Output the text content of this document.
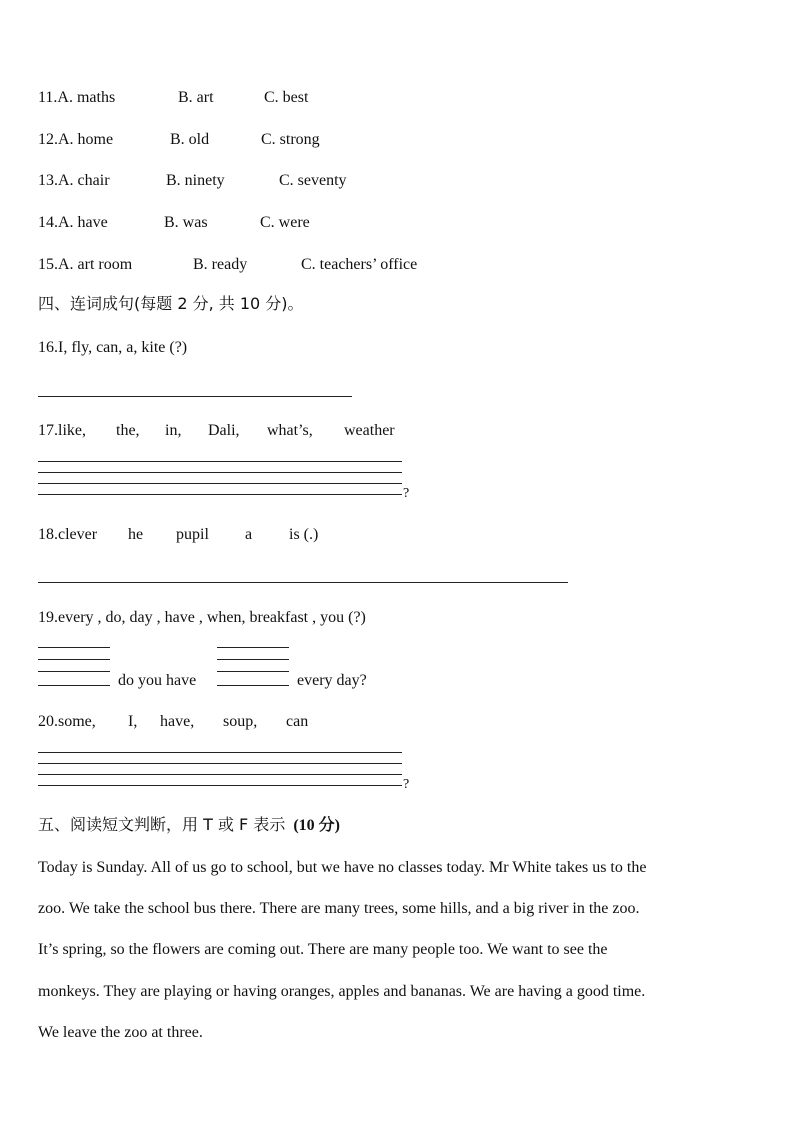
11.A. maths	B. art	C. best
12.A. home	B. old	C. strong
13.A. chair	B. ninety	C. seventy
14.A. have	B. was	C. were
15.A. art room	B. ready	C. teachers’ office
四、连词成句(每题 2 分, 共 10 分)。
16.I, fly, can, a, kite (?)
17.like, the, in, Dali, what’s, weather
?
18.clever he pupil a is (.)
19.every , do, day , have , when, breakfast , you (?)
do you have	every day?
20.some, I, have, soup, can
?
五、阅读短文判断，用 T 或 F 表示 (10 分)
Today is Sunday. All of us go to school, but we have no classes today. Mr White takes us to the
zoo. We take the school bus there. There are many trees, some hills, and a big river in the zoo.
It’s spring, so the flowers are coming out. There are many people too. We want to see the
monkeys. They are playing or having oranges, apples and bananas. We are having a good time.
We leave the zoo at three.
